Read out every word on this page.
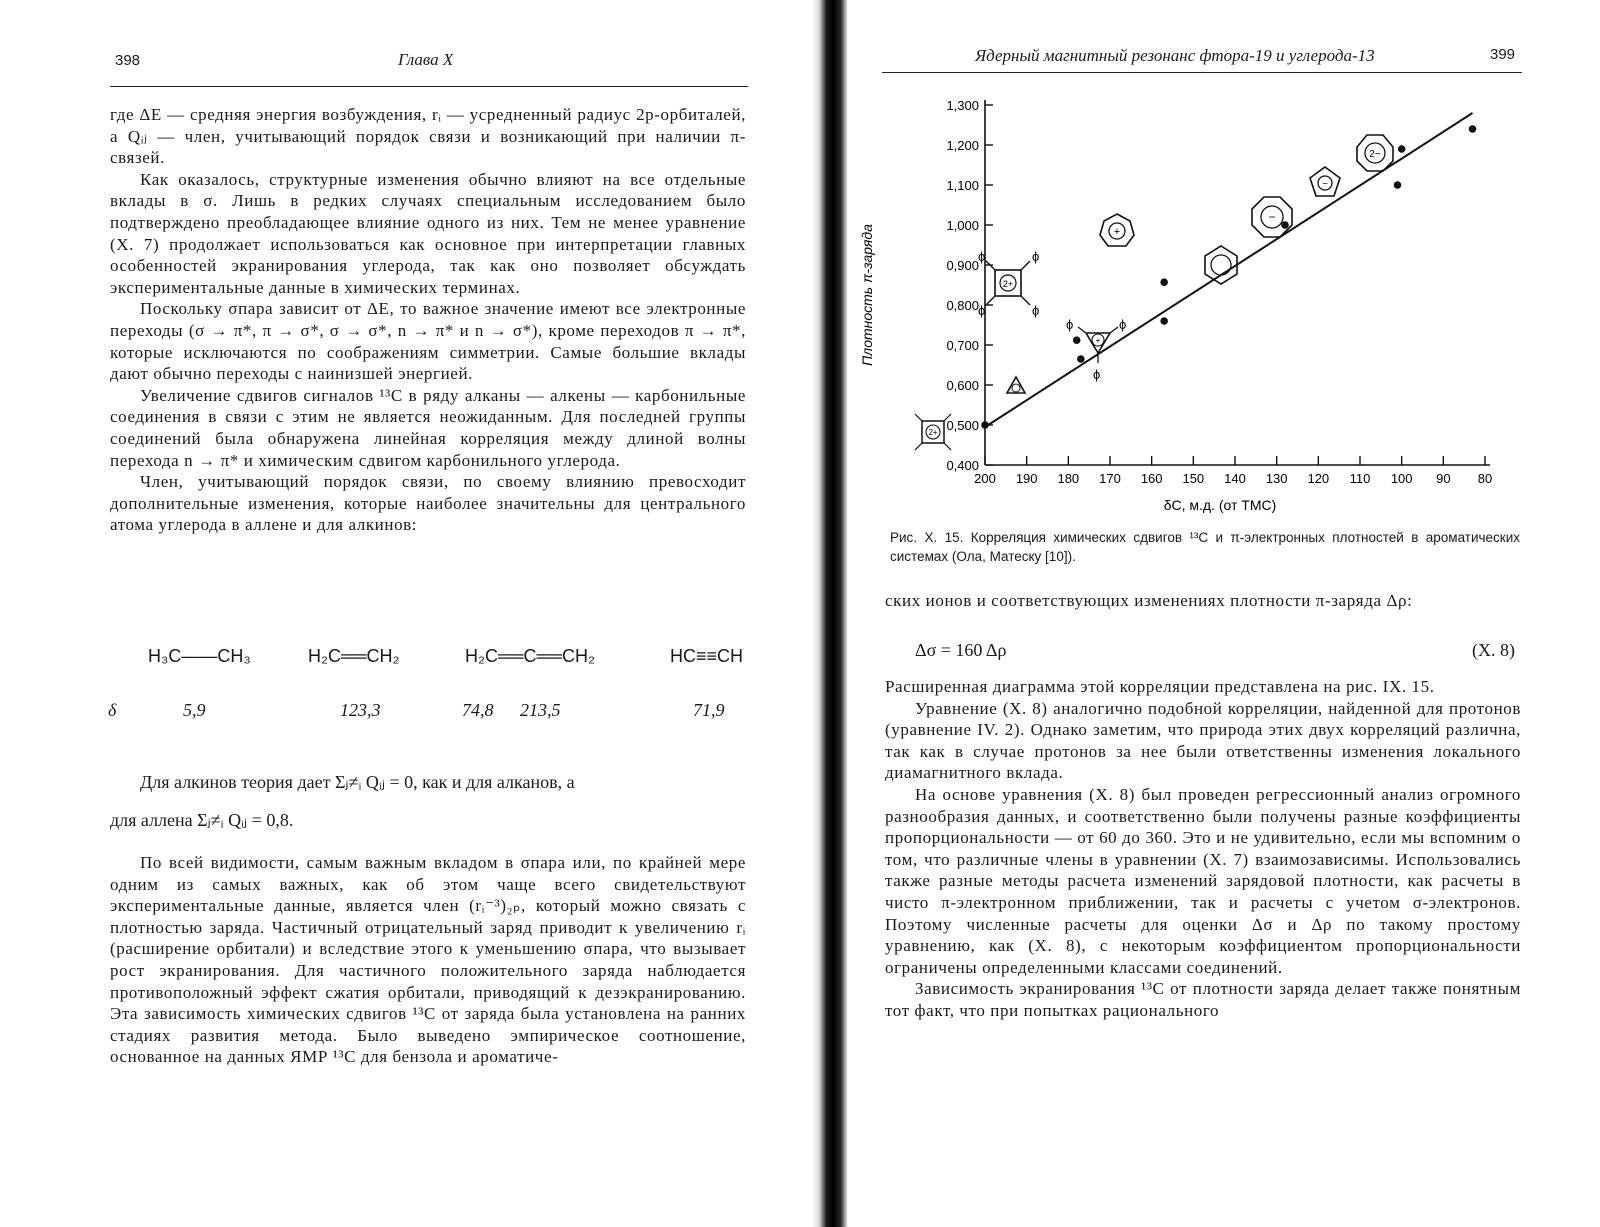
398	Глава X

где ΔE — средняя энергия возбуждения, rᵢ — усредненный радиус 2p-орбиталей, а Qᵢⱼ — член, учитывающий порядок связи и возникающий при наличии π-связей.

Как оказалось, структурные изменения обычно влияют на все отдельные вклады в σ. Лишь в редких случаях специальным исследованием было подтверждено преобладающее влияние одного из них. Тем не менее уравнение (X. 7) продолжает использоваться как основное при интерпретации главных особенностей экранирования углерода, так как оно позволяет обсуждать экспериментальные данные в химических терминах.

Поскольку σпара зависит от ΔE, то важное значение имеют все электронные переходы (σ → π*, π → σ*, σ → σ*, n → π* и n → σ*), кроме переходов π → π*, которые исключаются по соображениям симметрии. Самые большие вклады дают обычно переходы с наинизшей энергией.

Увеличение сдвигов сигналов ¹³C в ряду алканы — алкены — карбонильные соединения в связи с этим не является неожиданным. Для последней группы соединений была обнаружена линейная корреляция между длиной волны перехода n → π* и химическим сдвигом карбонильного углерода.

Член, учитывающий порядок связи, по своему влиянию превосходит дополнительные изменения, которые наиболее значительны для центрального атома углерода в аллене и для алкинов:

H₃C——CH₃	H₂C══CH₂	H₂C══C══CH₂	HC≡≡CH
δ	5,9	123,3	74,8 213,5	71,9
Для алкинов теория дает Σⱼ≠ᵢ Qᵢⱼ = 0, как и для алканов, а
для аллена Σⱼ≠ᵢ Qᵢⱼ = 0,8.

По всей видимости, самым важным вкладом в σпара или, по крайней мере одним из самых важных, как об этом чаще всего свидетельствуют экспериментальные данные, является член (rᵢ⁻³)₂ₚ, который можно связать с плотностью заряда. Частичный отрицательный заряд приводит к увеличению rᵢ (расширение орбитали) и вследствие этого к уменьшению σпара, что вызывает рост экранирования. Для частичного положительного заряда наблюдается противоположный эффект сжатия орбитали, приводящий к дезэкранированию. Эта зависимость химических сдвигов ¹³C от заряда была установлена на ранних стадиях развития метода. Было выведено эмпирическое соотношение, основанное на данных ЯМР ¹³C для бензола и ароматиче-

Ядерный магнитный резонанс фтора-19 и углерода-13	399
0,400
0,500
0,600
0,700
0,800
0,900
1,000
1,100
1,200
1,300
200 190 180 170 160 150 140 130 120 110 100 90 80
+
−
−
2−
2+
ϕ	ϕ
ϕ	ϕ
+
ϕ	ϕ
ϕ
2+
Плотность π-заряда
δC, м.д. (от ТМС)
Рис. X. 15. Корреляция химических сдвигов ¹³C и π-электронных плотностей в ароматических системах (Ола, Матеску [10]).

ских ионов и соответствующих изменениях плотности π-заряда Δρ:

Δσ = 160 Δρ	(X. 8)

Расширенная диаграмма этой корреляции представлена на рис. IX. 15.

Уравнение (X. 8) аналогично подобной корреляции, найденной для протонов (уравнение IV. 2). Однако заметим, что природа этих двух корреляций различна, так как в случае протонов за нее были ответственны изменения локального диамагнитного вклада.

На основе уравнения (X. 8) был проведен регрессионный анализ огромного разнообразия данных, и соответственно были получены разные коэффициенты пропорциональности — от 60 до 360. Это и не удивительно, если мы вспомним о том, что различные члены в уравнении (X. 7) взаимозависимы. Использовались также разные методы расчета изменений зарядовой плотности, как расчеты в чисто π-электронном приближении, так и расчеты с учетом σ-электронов. Поэтому численные расчеты для оценки Δσ и Δρ по такому простому уравнению, как (X. 8), с некоторым коэффициентом пропорциональности ограничены определенными классами соединений.

Зависимость экранирования ¹³C от плотности заряда делает также понятным тот факт, что при попытках рационального
